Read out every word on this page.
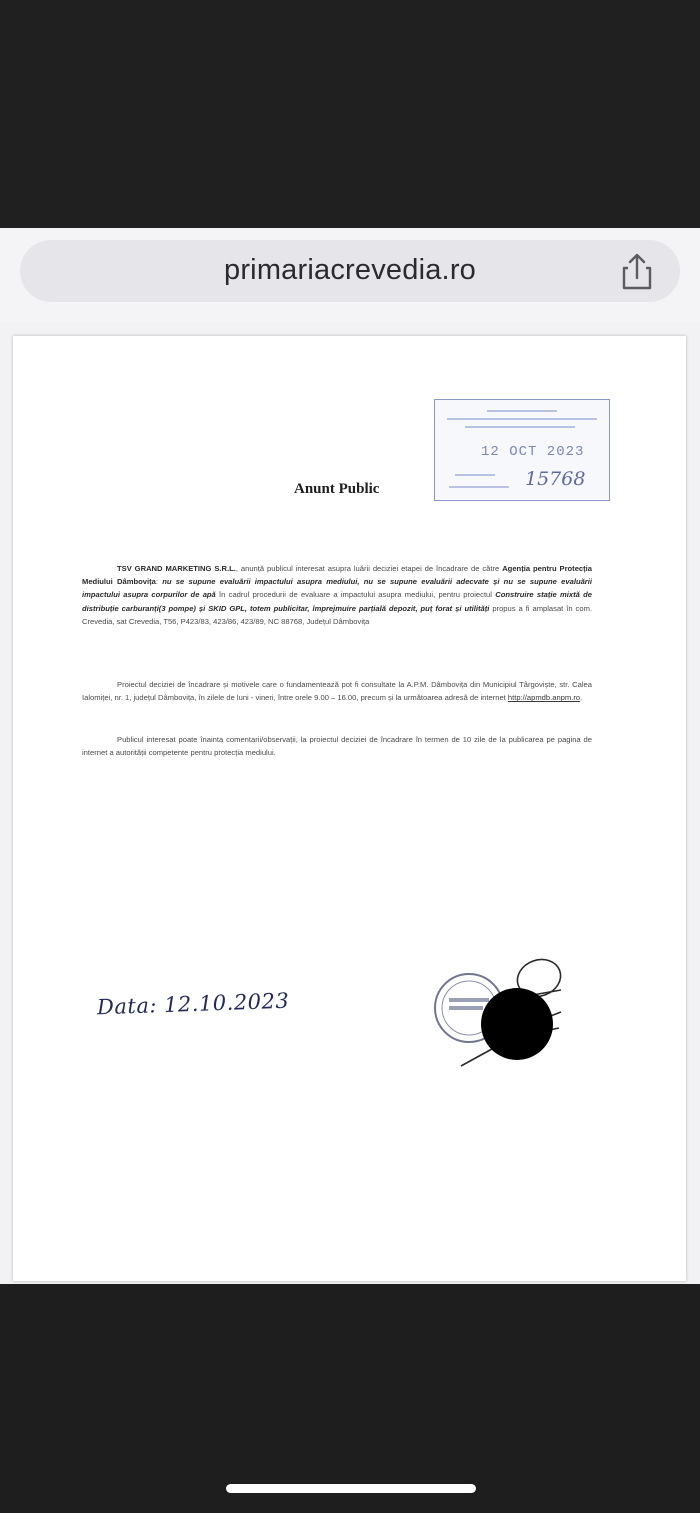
primariacrevedia.ro
12 OCT 2023
15768
Anunt Public
TSV GRAND MARKETING S.R.L., anunță publicul interesat asupra luării deciziei etapei de încadrare de către Agenția pentru Protecția Mediului Dâmbovița: nu se supune evaluării impactului asupra mediului, nu se supune evaluării adecvate și nu se supune evaluării impactului asupra corpurilor de apă în cadrul procedurii de evaluare a impactului asupra mediului, pentru proiectul Construire stație mixtă de distribuție carburanți(3 pompe) și SKID GPL, totem publicitar, împrejmuire parțială depozit, puț forat și utilități propus a fi amplasat în com. Crevedia, sat Crevedia, T56, P423/83, 423/86, 423/89, NC 88768, Județul Dâmbovița
Proiectul deciziei de încadrare și motivele care o fundamentează pot fi consultate la A.P.M. Dâmbovița din Municipiul Târgoviște, str. Calea Ialomiței, nr. 1, județul Dâmbovița, în zilele de luni - vineri, între orele 9.00 – 16.00, precum și la următoarea adresă de internet http://apmdb.anpm.ro.
Publicul interesat poate înainta comentarii/observații, la proiectul deciziei de încadrare în termen de 10 zile de la publicarea pe pagina de internet a autorității competente pentru protecția mediului.
Data: 12.10.2023
